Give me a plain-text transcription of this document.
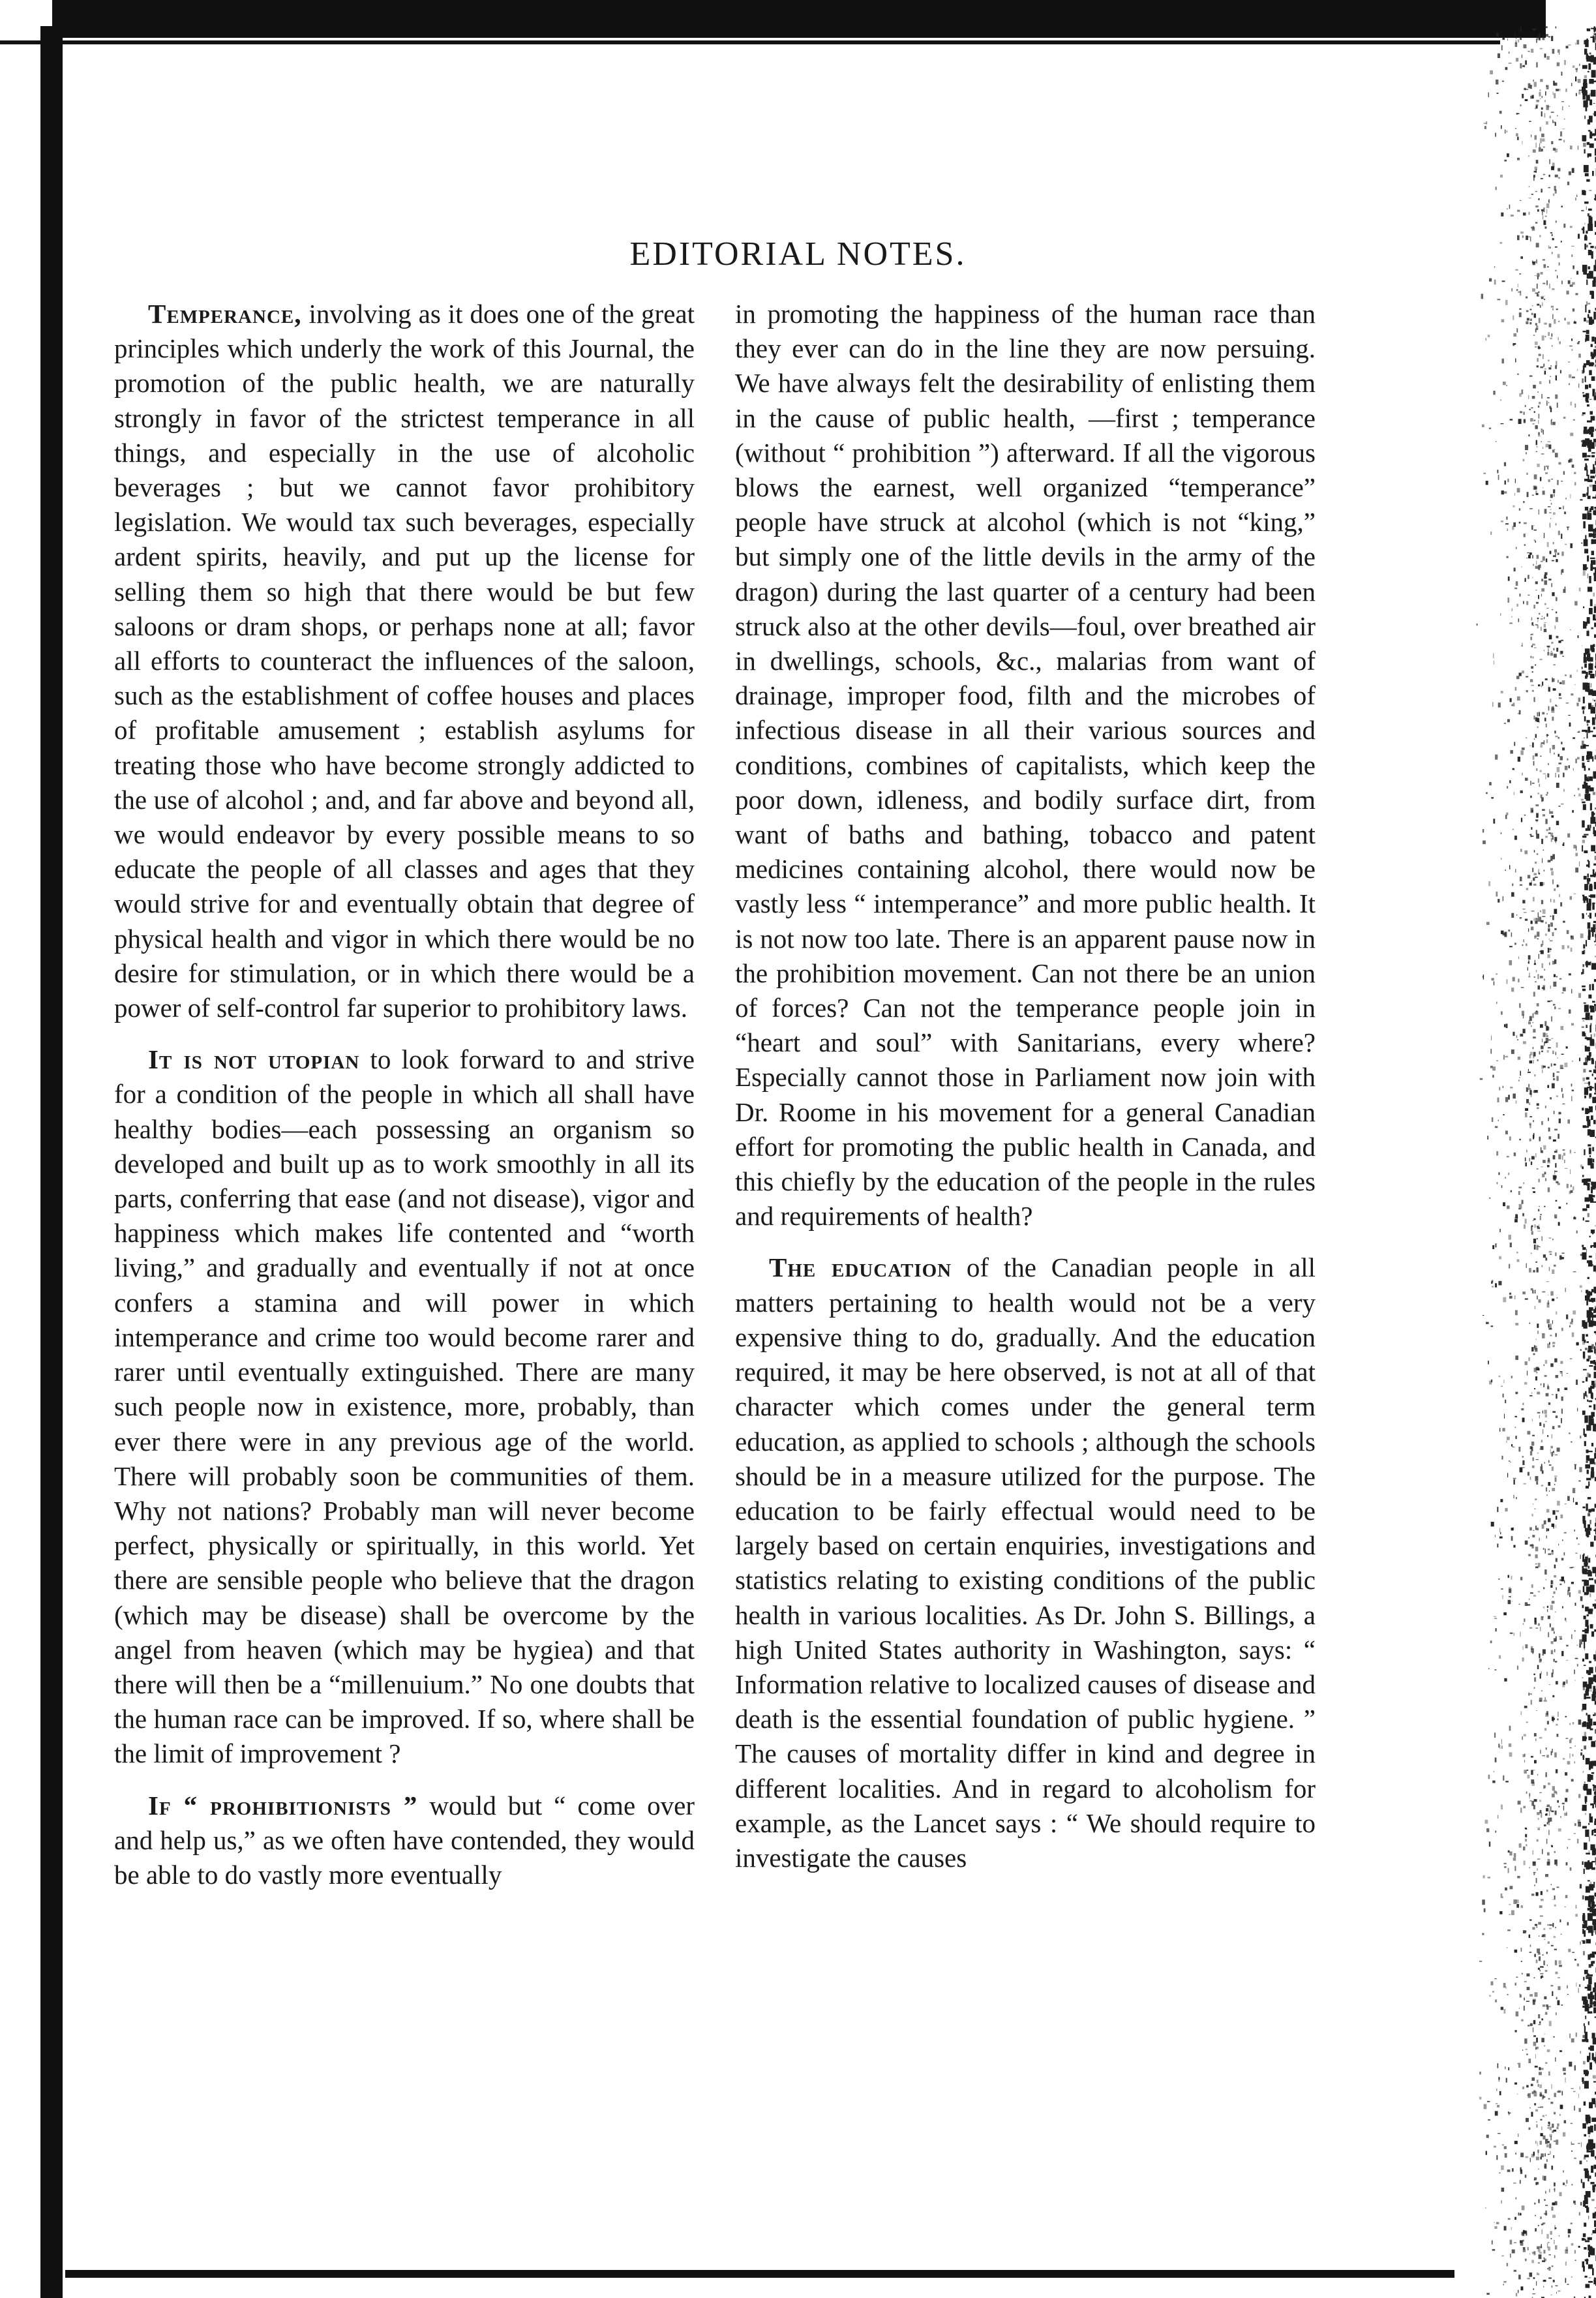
EDITORIAL NOTES.

Temperance, involving as it does one of the great principles which underly the work of this Journal, the promotion of the public health, we are naturally strongly in favor of the strictest temperance in all things, and especially in the use of alcoholic beverages ; but we cannot favor prohibitory legislation. We would tax such beverages, especially ardent spirits, heavily, and put up the license for selling them so high that there would be but few saloons or dram shops, or perhaps none at all; favor all efforts to counteract the influences of the saloon, such as the establishment of coffee houses and places of profitable amusement ; establish asylums for treating those who have become strongly addicted to the use of alcohol ; and, and far above and beyond all, we would endeavor by every possible means to so educate the people of all classes and ages that they would strive for and eventually obtain that degree of physical health and vigor in which there would be no desire for stimulation, or in which there would be a power of self-control far superior to prohibitory laws.

It is not utopian to look forward to and strive for a condition of the people in which all shall have healthy bodies—each possessing an organism so developed and built up as to work smoothly in all its parts, conferring that ease (and not disease), vigor and happiness which makes life contented and “worth living,” and gradually and eventually if not at once confers a stamina and will power in which intemperance and crime too would become rarer and rarer until eventually extinguished. There are many such people now in existence, more, probably, than ever there were in any previous age of the world. There will probably soon be communities of them. Why not nations? Probably man will never become perfect, physically or spiritually, in this world. Yet there are sensible people who believe that the dragon (which may be disease) shall be overcome by the angel from heaven (which may be hygiea) and that there will then be a “millenuium.” No one doubts that the human race can be improved. If so, where shall be the limit of improvement ?

If “ prohibitionists ” would but “ come over and help us,” as we often have contended, they would be able to do vastly more eventually

in promoting the happiness of the human race than they ever can do in the line they are now persuing. We have always felt the desirability of enlisting them in the cause of public health, —first ; temperance (without “ prohibition ”) afterward. If all the vigorous blows the earnest, well organized “temperance” people have struck at alcohol (which is not “king,” but simply one of the little devils in the army of the dragon) during the last quarter of a century had been struck also at the other devils—foul, over breathed air in dwellings, schools, &c., malarias from want of drainage, improper food, filth and the microbes of infectious disease in all their various sources and conditions, combines of capitalists, which keep the poor down, idleness, and bodily surface dirt, from want of baths and bathing, tobacco and patent medicines containing alcohol, there would now be vastly less “ intemperance” and more public health. It is not now too late. There is an apparent pause now in the prohibition movement. Can not there be an union of forces? Can not the temperance people join in “heart and soul” with Sanitarians, every where? Especially cannot those in Parliament now join with Dr. Roome in his movement for a general Canadian effort for promoting the public health in Canada, and this chiefly by the education of the people in the rules and requirements of health?

The education of the Canadian people in all matters pertaining to health would not be a very expensive thing to do, gradually. And the education required, it may be here observed, is not at all of that character which comes under the general term education, as applied to schools ; although the schools should be in a measure utilized for the purpose. The education to be fairly effectual would need to be largely based on certain enquiries, investigations and statistics relating to existing conditions of the public health in various localities. As Dr. John S. Billings, a high United States authority in Washington, says: “ Information relative to localized causes of disease and death is the essential foundation of public hygiene. ” The causes of mortality differ in kind and degree in different localities. And in regard to alcoholism for example, as the Lancet says : “ We should require to investigate the causes
